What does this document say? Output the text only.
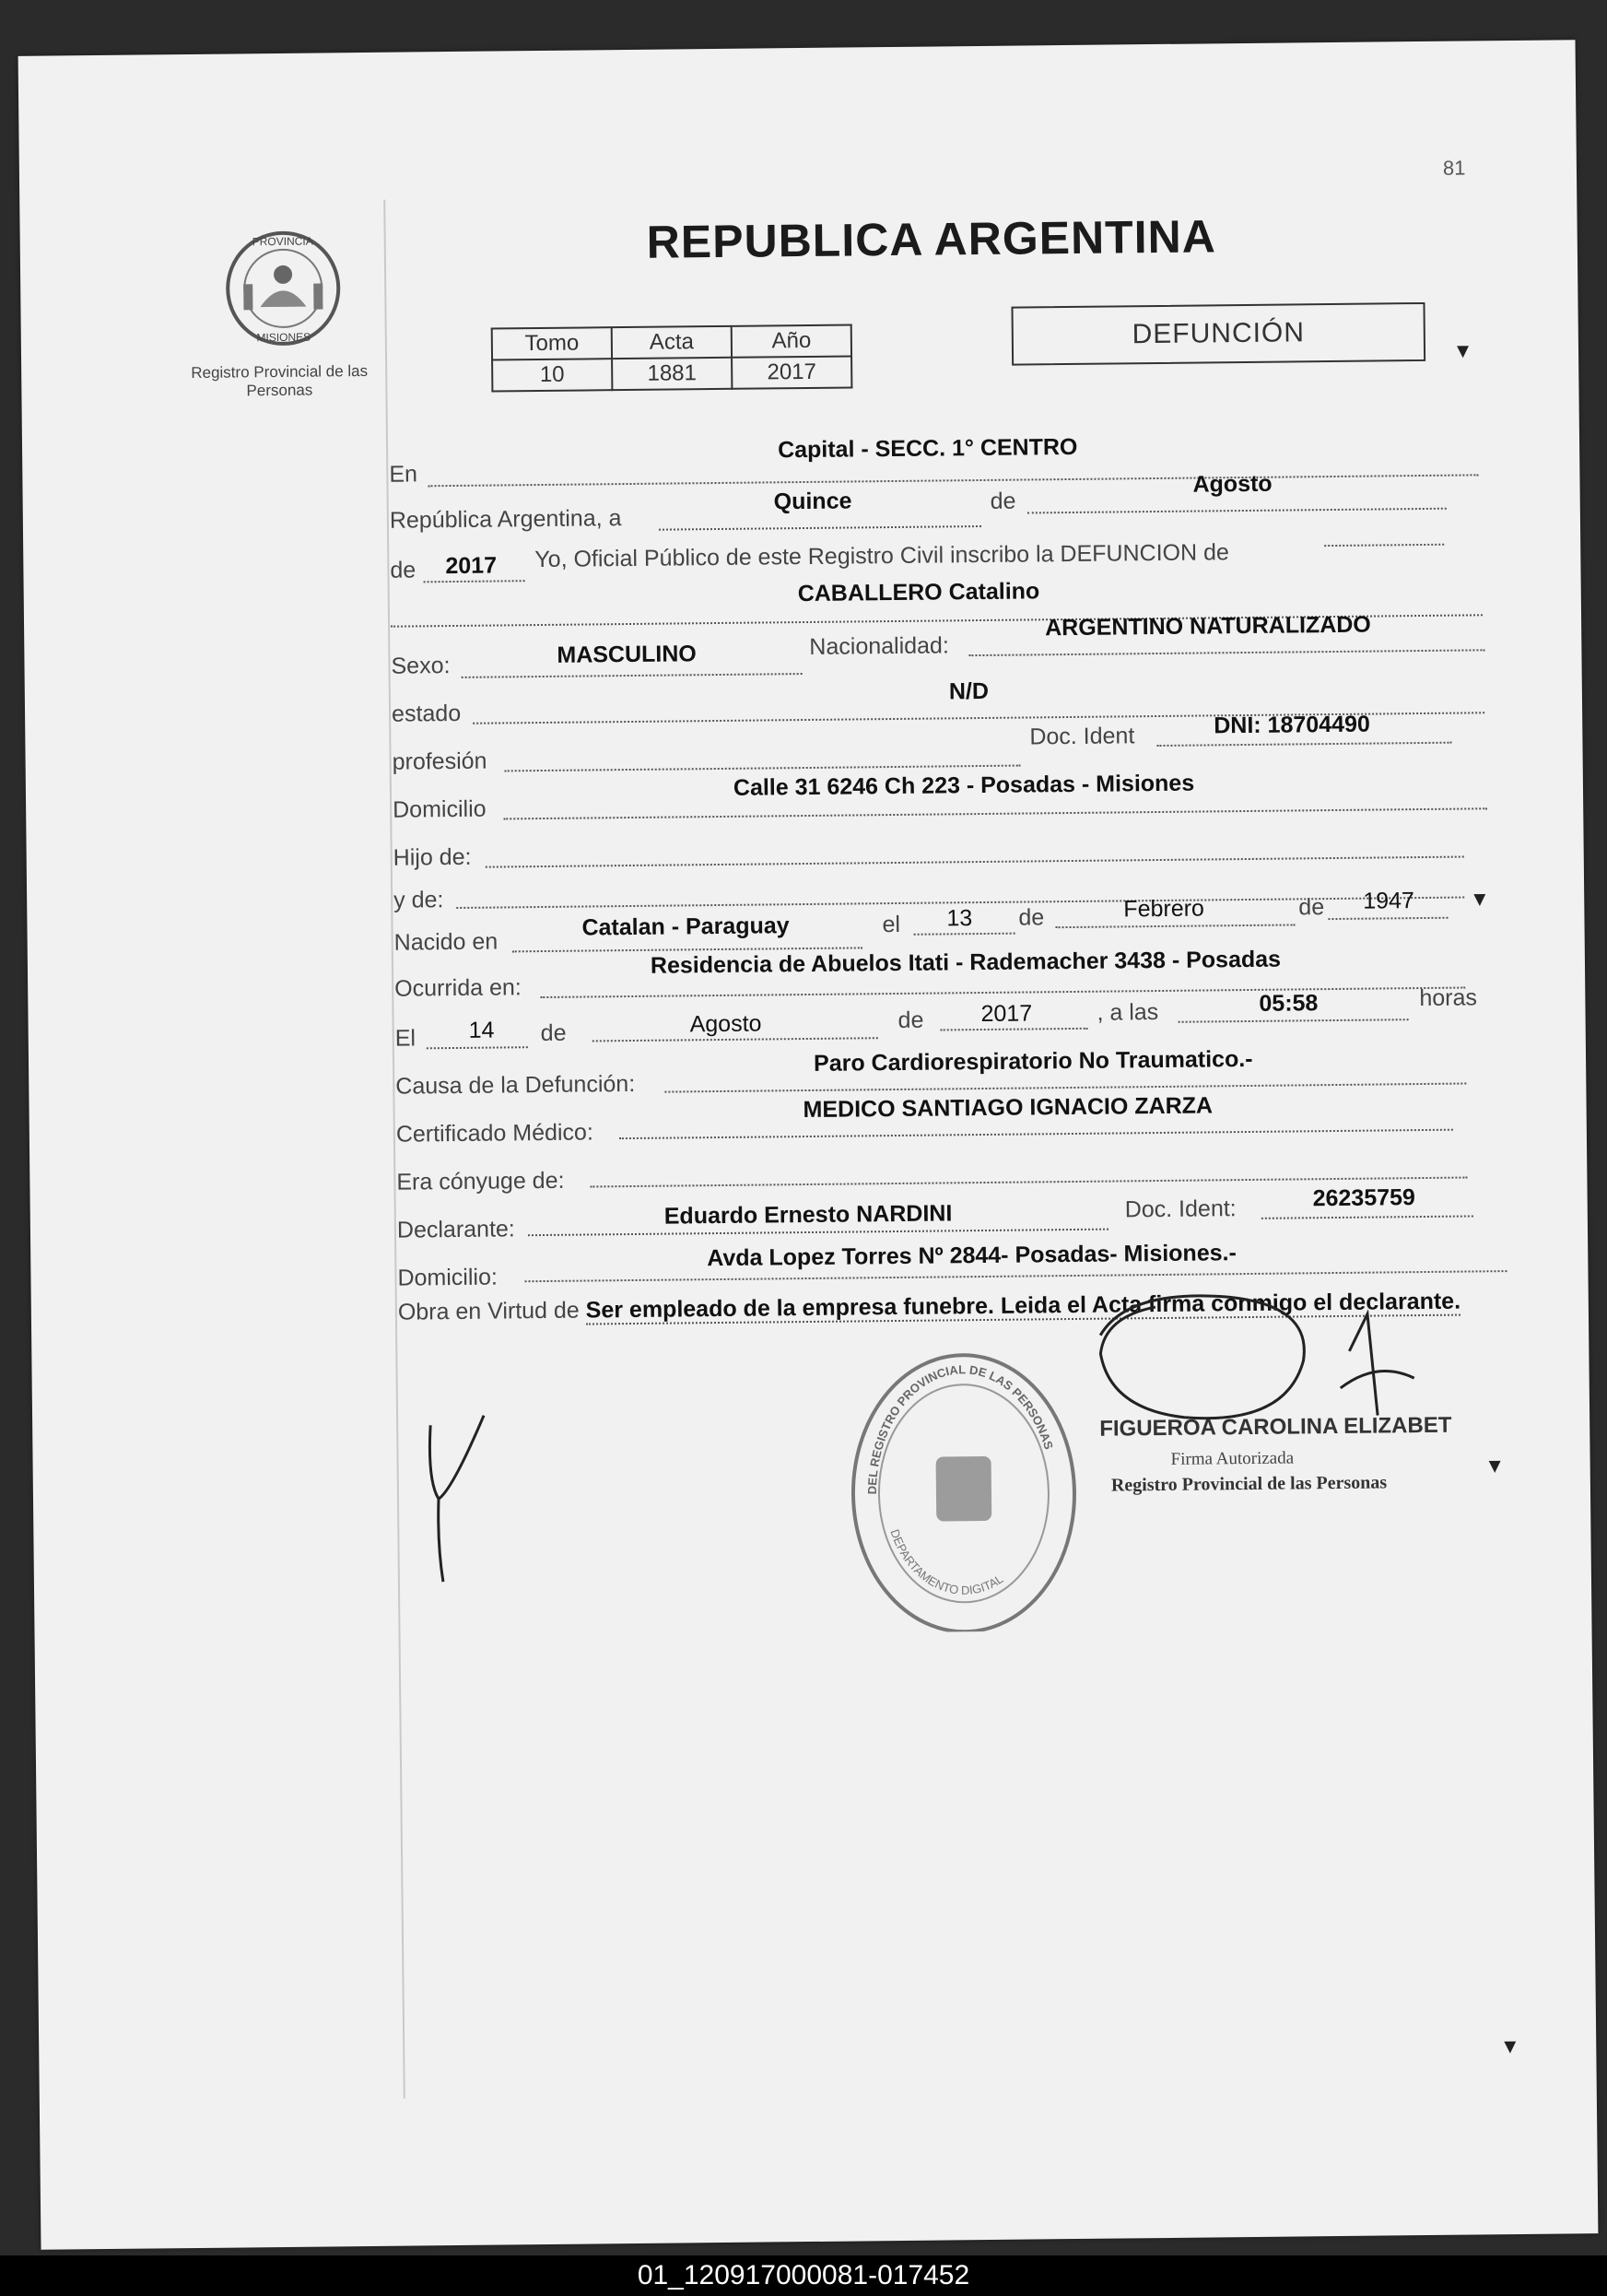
81
PROVINCIA
MISIONES
Registro Provincial de las Personas
REPUBLICA ARGENTINA
Tomo	Acta	Año
10	1881	2017
DEFUNCIÓN
En
Capital - SECC. 1° CENTRO
República Argentina, a
Quince	de
Agosto
de 2017 Yo, Oficial Público de este Registro Civil inscribo la DEFUNCION de
CABALLERO Catalino
Sexo:	MASCULINO	Nacionalidad:
ARGENTINO NATURALIZADO
estado
N/D
profesión
Doc. Ident	DNI: 18704490
Domicilio
Calle 31 6246 Ch 223 - Posadas - Misiones
Hijo de:
y de:
Nacido en
Catalan - Paraguay	el 13 de	Febrero	de 1947
Ocurrida en:
Residencia de Abuelos Itati - Rademacher 3438 - Posadas
El 14 de	Agosto	de 2017	, a las	05:58	horas
Causa de la Defunción:
Paro Cardiorespiratorio No Traumatico.-
Certificado Médico:
MEDICO SANTIAGO IGNACIO ZARZA
Era cónyuge de:
Declarante:
Eduardo Ernesto NARDINI	Doc. Ident:	26235759
Domicilio:
Avda Lopez Torres Nº 2844- Posadas- Misiones.-
Obra en Virtud de Ser empleado de la empresa funebre. Leida el Acta firma conmigo el declarante.
DEL REGISTRO PROVINCIAL DE LAS PERSONAS
DEPARTAMENTO DIGITAL
FIGUEROA CAROLINA ELIZABET
Firma Autorizada
Registro Provincial de las Personas
▾
▾
▾
▾
01_120917000081-017452
